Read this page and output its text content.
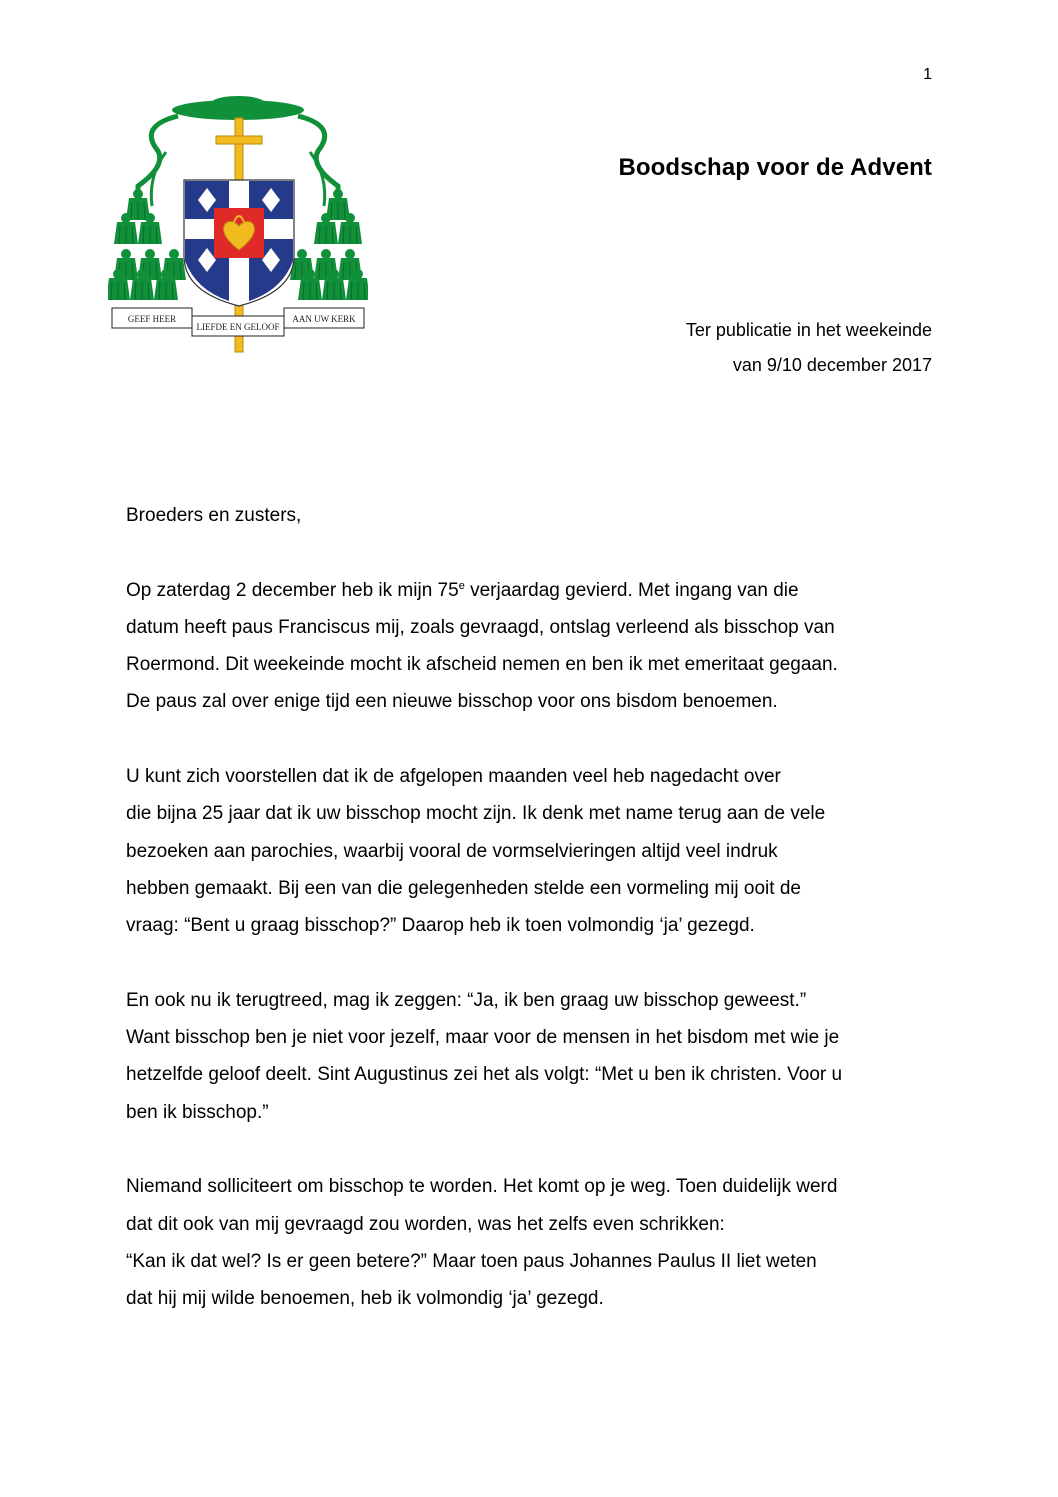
1
GEEF HEER
LIEFDE EN GELOOF
AAN UW KERK
Boodschap voor de Advent
Ter publicatie in het weekeinde
van 9/10 december 2017

Broeders en zusters,

Op zaterdag 2 december heb ik mijn 75e verjaardag gevierd. Met ingang van die
datum heeft paus Franciscus mij, zoals gevraagd, ontslag verleend als bisschop van
Roermond. Dit weekeinde mocht ik afscheid nemen en ben ik met emeritaat gegaan.
De paus zal over enige tijd een nieuwe bisschop voor ons bisdom benoemen.

U kunt zich voorstellen dat ik de afgelopen maanden veel heb nagedacht over
die bijna 25 jaar dat ik uw bisschop mocht zijn. Ik denk met name terug aan de vele
bezoeken aan parochies, waarbij vooral de vormselvieringen altijd veel indruk
hebben gemaakt. Bij een van die gelegenheden stelde een vormeling mij ooit de
vraag: “Bent u graag bisschop?” Daarop heb ik toen volmondig ‘ja’ gezegd.

En ook nu ik terugtreed, mag ik zeggen: “Ja, ik ben graag uw bisschop geweest.”
Want bisschop ben je niet voor jezelf, maar voor de mensen in het bisdom met wie je
hetzelfde geloof deelt. Sint Augustinus zei het als volgt: “Met u ben ik christen. Voor u
ben ik bisschop.”

Niemand solliciteert om bisschop te worden. Het komt op je weg. Toen duidelijk werd
dat dit ook van mij gevraagd zou worden, was het zelfs even schrikken:
“Kan ik dat wel? Is er geen betere?” Maar toen paus Johannes Paulus II liet weten
dat hij mij wilde benoemen, heb ik volmondig ‘ja’ gezegd.
